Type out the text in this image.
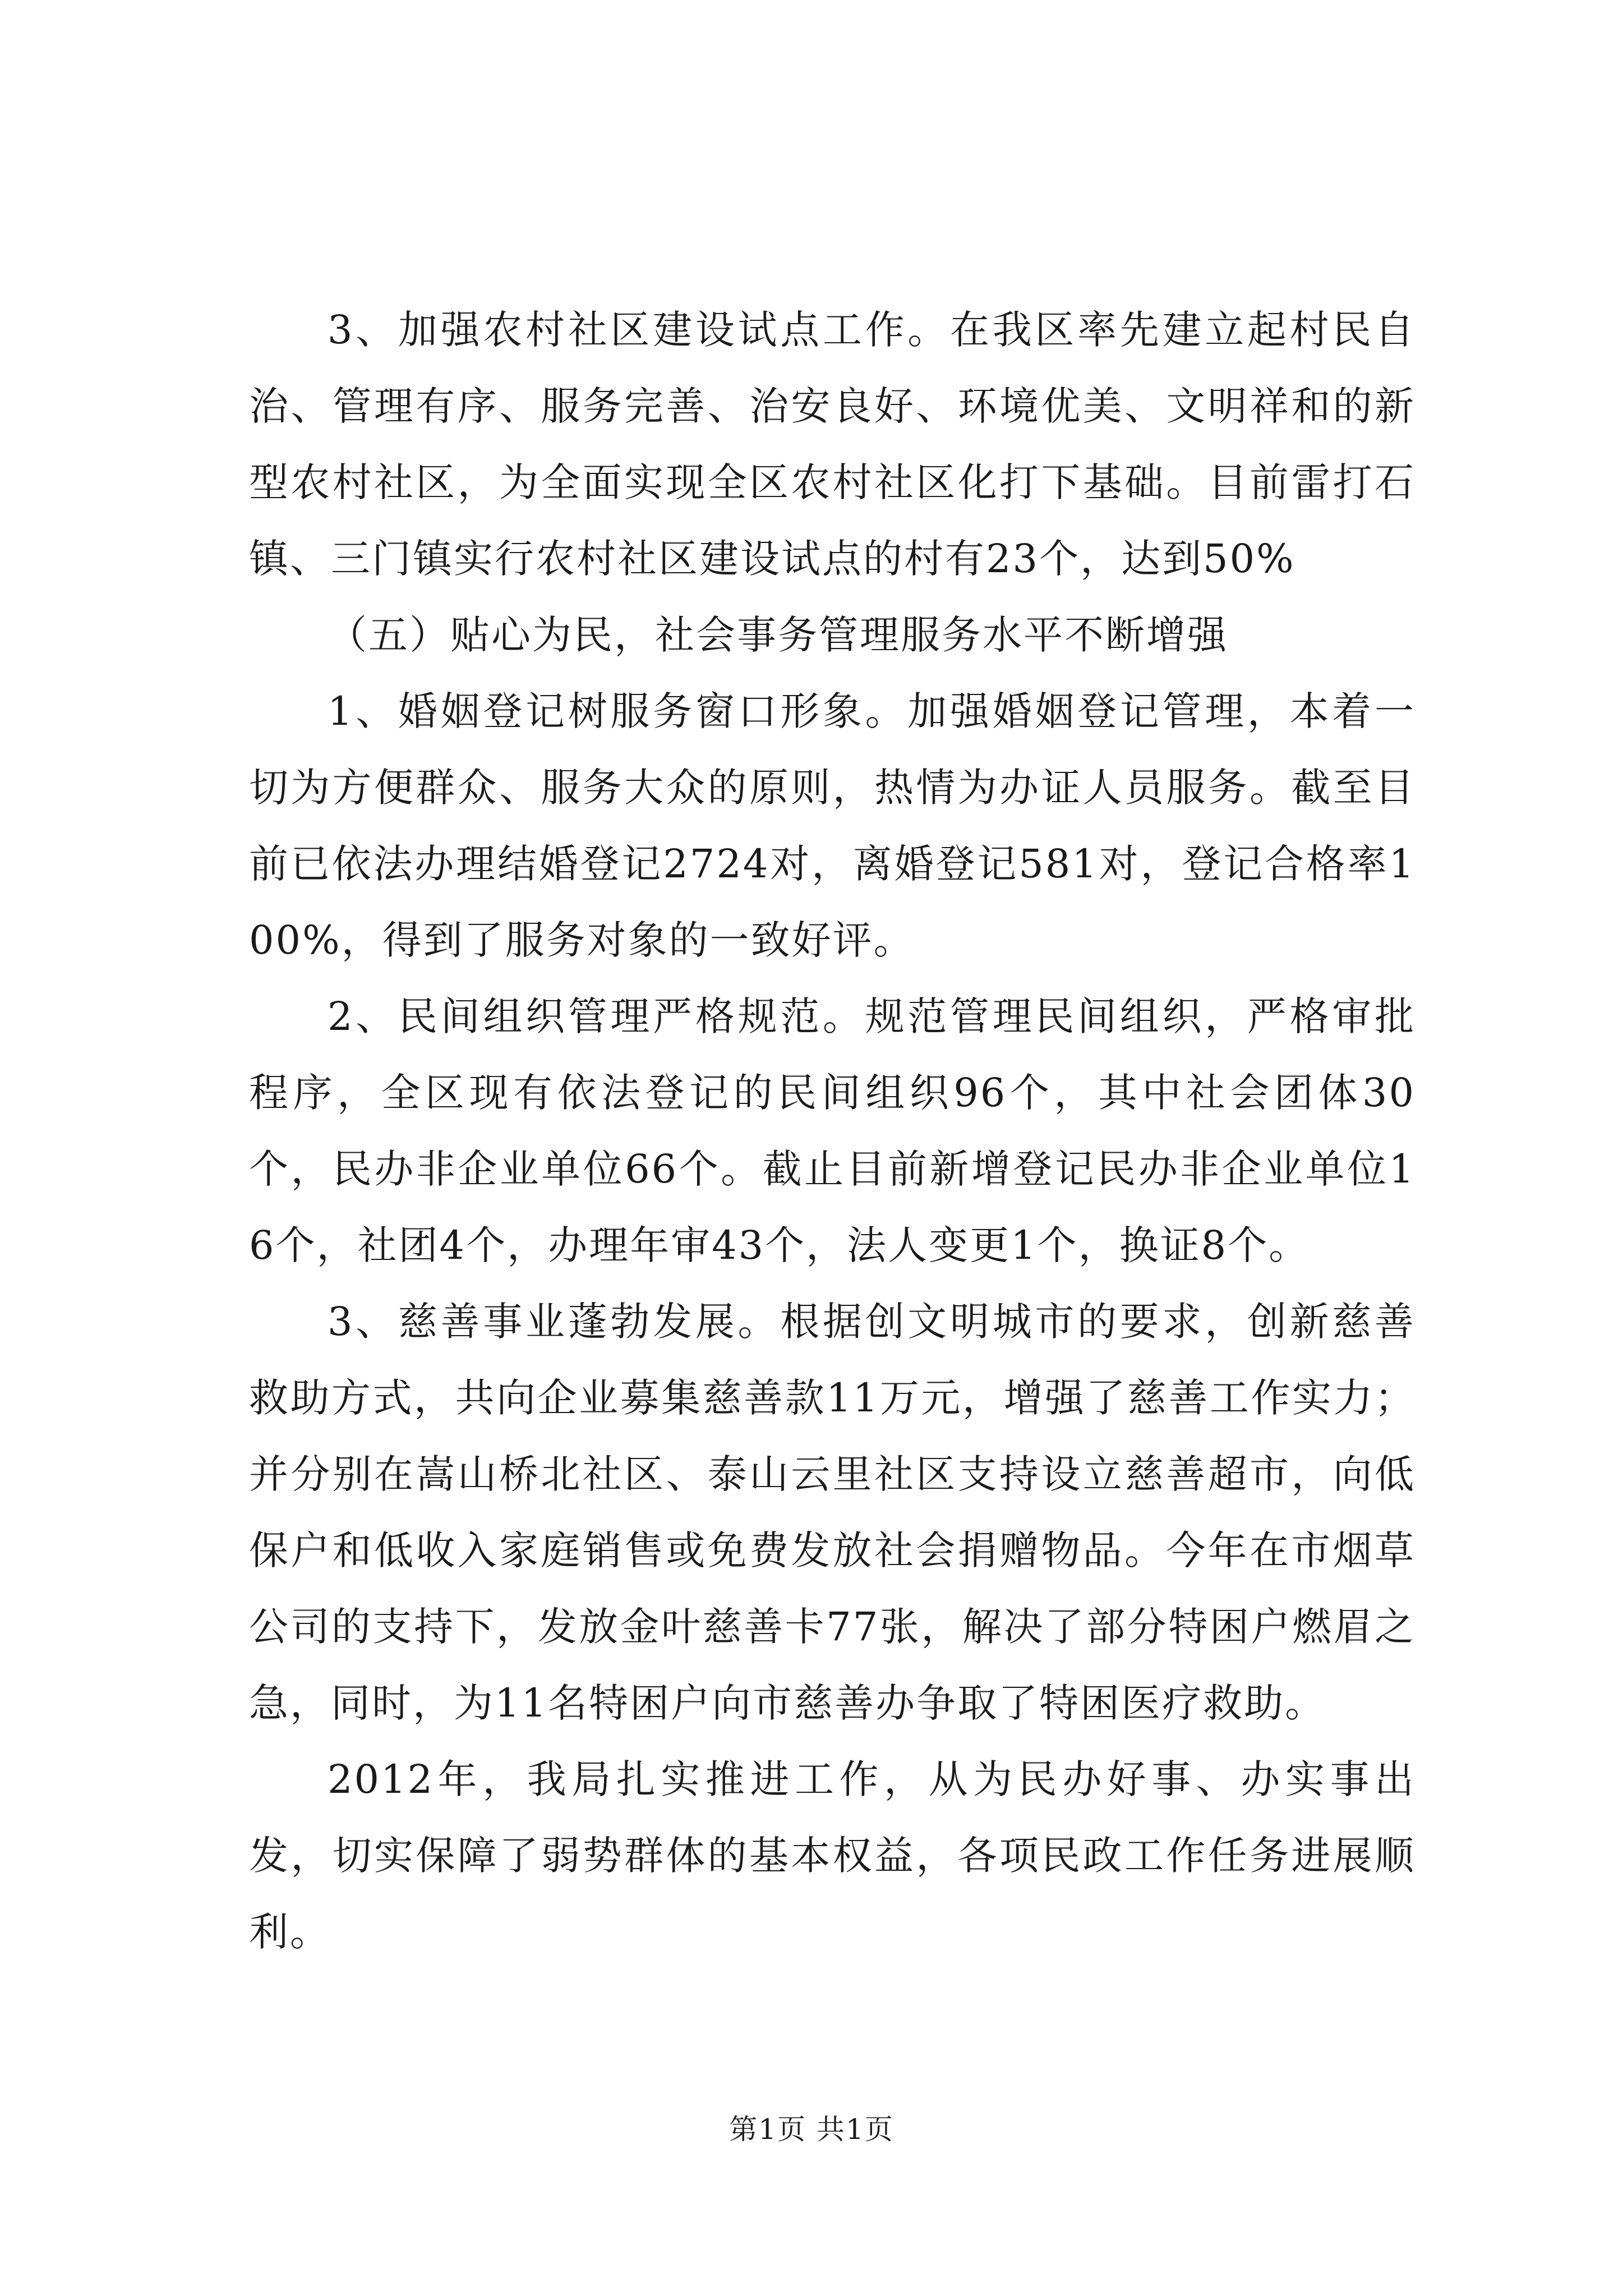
3、加强农村社区建设试点工作。在我区率先建立起村民自治、管理有序、服务完善、治安良好、环境优美、文明祥和的新型农村社区，为全面实现全区农村社区化打下基础。目前雷打石镇、三门镇实行农村社区建设试点的村有23个，达到50%

（五）贴心为民，社会事务管理服务水平不断增强

1、婚姻登记树服务窗口形象。加强婚姻登记管理，本着一切为方便群众、服务大众的原则，热情为办证人员服务。截至目前已依法办理结婚登记2724对，离婚登记581对，登记合格率100%，得到了服务对象的一致好评。

2、民间组织管理严格规范。规范管理民间组织，严格审批程序，全区现有依法登记的民间组织96个，其中社会团体30个，民办非企业单位66个。截止目前新增登记民办非企业单位16个，社团4个，办理年审43个，法人变更1个，换证8个。

3、慈善事业蓬勃发展。根据创文明城市的要求，创新慈善救助方式，共向企业募集慈善款11万元，增强了慈善工作实力；并分别在嵩山桥北社区、泰山云里社区支持设立慈善超市，向低保户和低收入家庭销售或免费发放社会捐赠物品。今年在市烟草公司的支持下，发放金叶慈善卡77张，解决了部分特困户燃眉之急，同时，为11名特困户向市慈善办争取了特困医疗救助。

2012年，我局扎实推进工作，从为民办好事、办实事出发，切实保障了弱势群体的基本权益，各项民政工作任务进展顺利。

第1页 共1页
